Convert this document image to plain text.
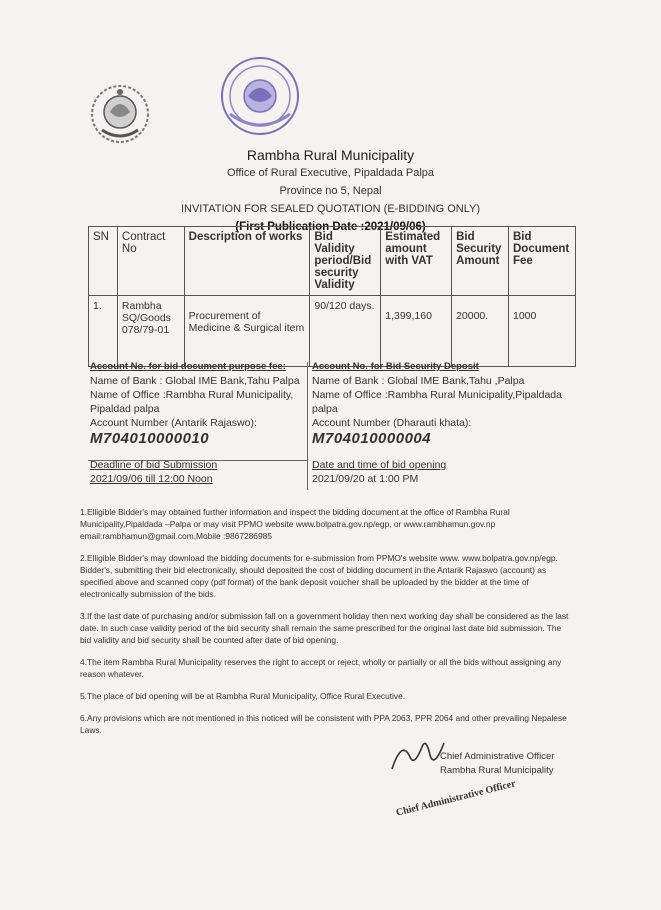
Rambha Rural Municipality
Office of Rural Executive, Pipaldada Palpa
Province no 5, Nepal
INVITATION FOR SEALED QUOTATION (E-BIDDING ONLY)
(First Publication Date :2021/09/06)
SN	Contract No	Description of works	Bid Validity period/Bid security Validity	Estimated amount with VAT	Bid Security Amount	Bid Document Fee
1.	Rambha SQ/Goods 078/79-01	Procurement of Medicine & Surgical item	90/120 days.	1,399,160	20000.	1000
Account No. for bid document purpose fee:
Name of Bank : Global IME Bank,Tahu Palpa
Name of Office :Rambha Rural Municipality, Pipaldad palpa
Account Number (Antarik Rajaswo):
M704010000010
Deadline of bid Submission
2021/09/06 till 12:00 Noon
Account No. for Bid Security Deposit
Name of Bank : Global IME Bank,Tahu ,Palpa
Name of Office :Rambha Rural Municipality,Pipaldada palpa
Account Number (Dharauti khata):
M704010000004
Date and time of bid opening
2021/09/20 at 1:00 PM

1.Elligible Bidder's may obtained further information and inspect the bidding document at the office of Rambha Rural Municipality,Pipaldada –Palpa or may visit PPMO website www.bolpatra.gov.np/egp, or www.rambhamun.gov.np email:rambhamun@gmail.com,Mobile :9867286985

2.Elligible Bidder's may download the bidding documents for e-submission from PPMO's website www. www.bolpatra.gov.np/egp. Bidder's, submitting their bid electronically, should deposited the cost of bidding document in the Antarik Rajaswo (account) as specified above and scanned copy (pdf format) of the bank deposit voucher shall be uploaded by the bidder at the time of electronically submission of the bids.

3.If the last date of purchasing and/or submission fall on a government holiday then next working day shall be considered as the last date. In such case validity period of the bid security shall remain the same prescribed for the original last date bid submission. The bid validity and bid security shall be counted after date of bid opening.

4.The item Rambha Rural Municipality reserves the right to accept or reject, wholly or partially or all the bids without assigning any reason whatever.

5.The place of bid opening will be at Rambha Rural Municipality, Office Rural Executive.

6.Any provisions which are not mentioned in this noticed will be consistent with PPA 2063, PPR 2064 and other prevailing Nepalese Laws.

Chief Administrative Officer
Rambha Rural Municipality
Chief Administrative Officer
